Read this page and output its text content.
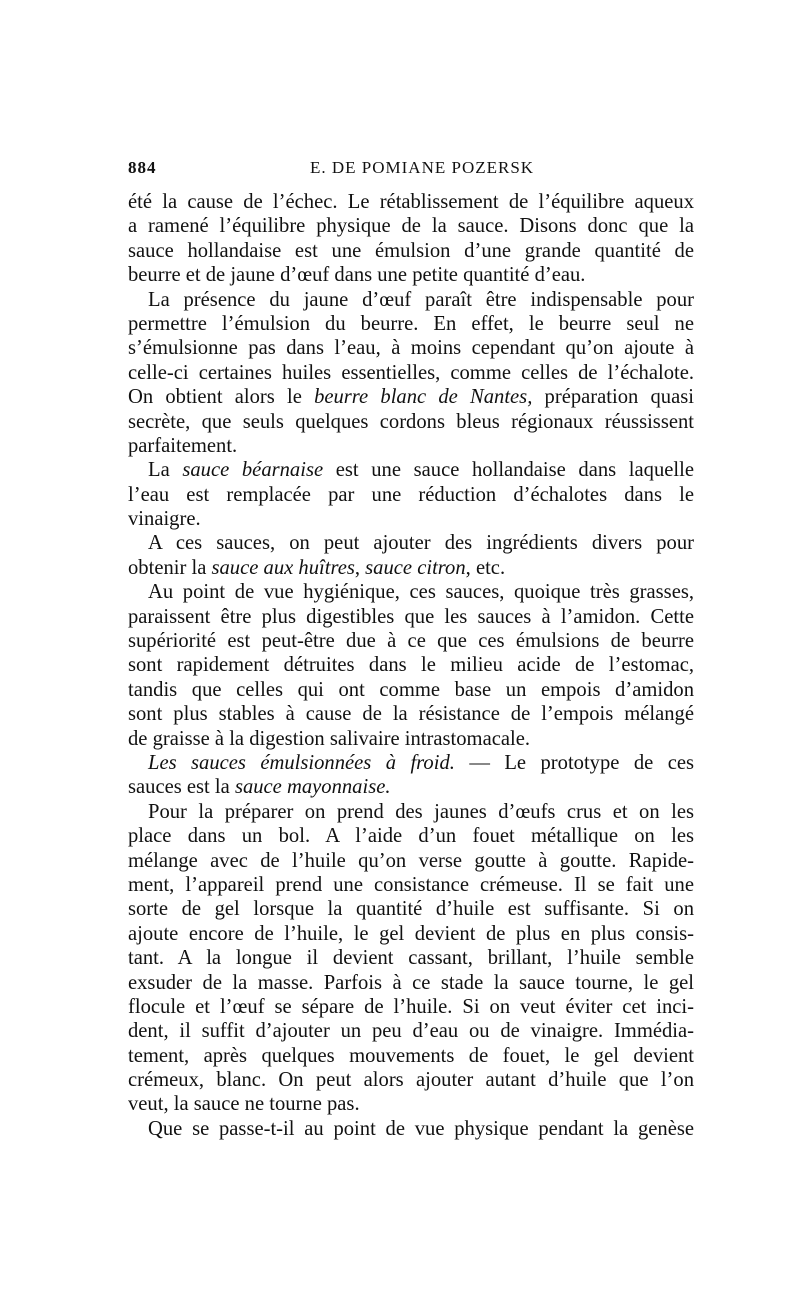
884	E. DE POMIANE POZERSK
été la cause de l’échec. Le rétablissement de l’équilibre aqueux
a ramené l’équilibre physique de la sauce. Disons donc que la
sauce hollandaise est une émulsion d’une grande quantité de
beurre et de jaune d’œuf dans une petite quantité d’eau.
La présence du jaune d’œuf paraît être indispensable pour
permettre l’émulsion du beurre. En effet, le beurre seul ne
s’émulsionne pas dans l’eau, à moins cependant qu’on ajoute à
celle-ci certaines huiles essentielles, comme celles de l’échalote.
On obtient alors le beurre blanc de Nantes, préparation quasi
secrète, que seuls quelques cordons bleus régionaux réussissent
parfaitement.
La sauce béarnaise est une sauce hollandaise dans laquelle
l’eau est remplacée par une réduction d’échalotes dans le
vinaigre.
A ces sauces, on peut ajouter des ingrédients divers pour
obtenir la sauce aux huîtres, sauce citron, etc.
Au point de vue hygiénique, ces sauces, quoique très grasses,
paraissent être plus digestibles que les sauces à l’amidon. Cette
supériorité est peut-être due à ce que ces émulsions de beurre
sont rapidement détruites dans le milieu acide de l’estomac,
tandis que celles qui ont comme base un empois d’amidon
sont plus stables à cause de la résistance de l’empois mélangé
de graisse à la digestion salivaire intrastomacale.
Les sauces émulsionnées à froid. — Le prototype de ces
sauces est la sauce mayonnaise.
Pour la préparer on prend des jaunes d’œufs crus et on les
place dans un bol. A l’aide d’un fouet métallique on les
mélange avec de l’huile qu’on verse goutte à goutte. Rapide-
ment, l’appareil prend une consistance crémeuse. Il se fait une
sorte de gel lorsque la quantité d’huile est suffisante. Si on
ajoute encore de l’huile, le gel devient de plus en plus consis-
tant. A la longue il devient cassant, brillant, l’huile semble
exsuder de la masse. Parfois à ce stade la sauce tourne, le gel
flocule et l’œuf se sépare de l’huile. Si on veut éviter cet inci-
dent, il suffit d’ajouter un peu d’eau ou de vinaigre. Immédia-
tement, après quelques mouvements de fouet, le gel devient
crémeux, blanc. On peut alors ajouter autant d’huile que l’on
veut, la sauce ne tourne pas.
Que se passe-t-il au point de vue physique pendant la genèse
